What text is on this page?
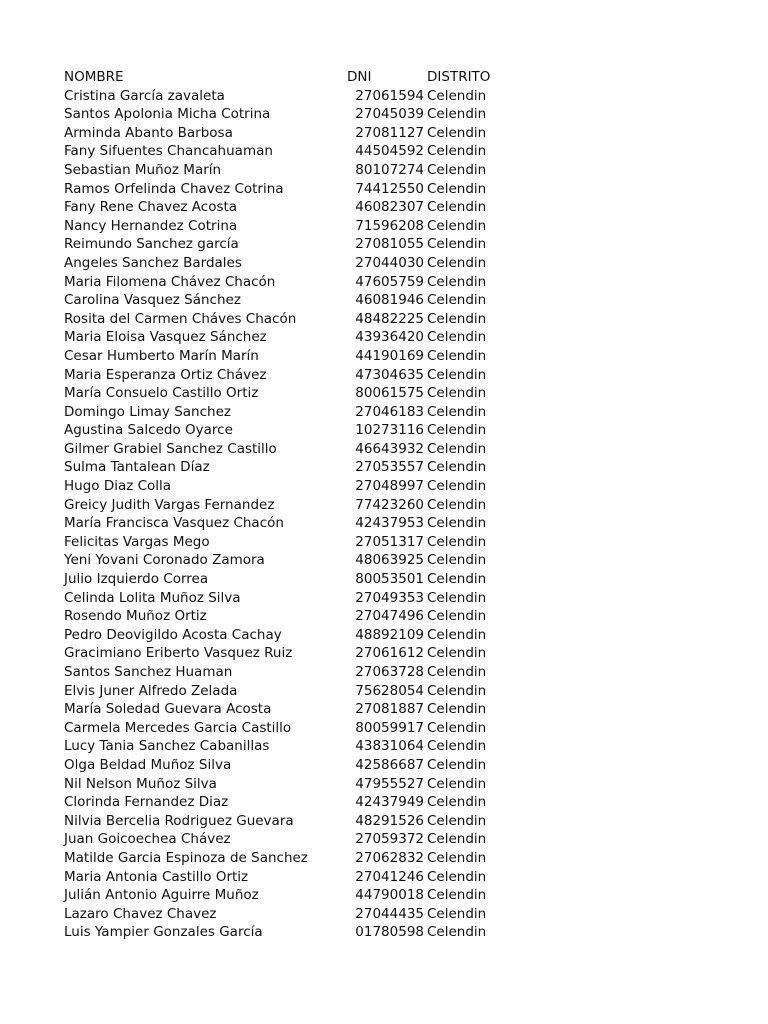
NOMBRE	DNI	DISTRITO
Cristina García zavaleta	27061594 Celendin
Santos Apolonia Micha Cotrina	27045039 Celendin
Arminda Abanto Barbosa	27081127 Celendin
Fany Sifuentes Chancahuaman	44504592 Celendin
Sebastian Muñoz Marín	80107274 Celendin
Ramos Orfelinda Chavez Cotrina	74412550 Celendin
Fany Rene Chavez Acosta	46082307 Celendin
Nancy Hernandez Cotrina	71596208 Celendin
Reimundo Sanchez garcía	27081055 Celendin
Angeles Sanchez Bardales	27044030 Celendin
Maria Filomena Chávez Chacón	47605759 Celendin
Carolina Vasquez Sánchez	46081946 Celendin
Rosita del Carmen Cháves Chacón	48482225 Celendin
Maria Eloisa Vasquez Sánchez	43936420 Celendin
Cesar Humberto Marín Marín	44190169 Celendin
Maria Esperanza Ortiz Chávez	47304635 Celendin
María Consuelo Castillo Ortiz	80061575 Celendin
Domingo Limay Sanchez	27046183 Celendin
Agustina Salcedo Oyarce	10273116 Celendin
Gilmer Grabiel Sanchez Castillo	46643932 Celendin
Sulma Tantalean Díaz	27053557 Celendin
Hugo Diaz Colla	27048997 Celendin
Greicy Judith Vargas Fernandez	77423260 Celendin
María Francisca Vasquez Chacón	42437953 Celendin
Felicitas Vargas Mego	27051317 Celendin
Yeni Yovani Coronado Zamora	48063925 Celendin
Julio Izquierdo Correa	80053501 Celendin
Celinda Lolita Muñoz Silva	27049353 Celendin
Rosendo Muñoz Ortiz	27047496 Celendin
Pedro Deovigildo Acosta Cachay	48892109 Celendin
Gracimiano Eriberto Vasquez Ruiz	27061612 Celendin
Santos Sanchez Huaman	27063728 Celendin
Elvis Juner Alfredo Zelada	75628054 Celendin
María Soledad Guevara Acosta	27081887 Celendin
Carmela Mercedes Garcia Castillo	80059917 Celendin
Lucy Tania Sanchez Cabanillas	43831064 Celendin
Olga Beldad Muñoz Silva	42586687 Celendin
Nil Nelson Muñoz Silva	47955527 Celendin
Clorinda Fernandez Diaz	42437949 Celendin
Nilvia Bercelia Rodriguez Guevara	48291526 Celendin
Juan Goicoechea Chávez	27059372 Celendin
Matilde Garcia Espinoza de Sanchez	27062832 Celendin
Maria Antonia Castillo Ortiz	27041246 Celendin
Julián Antonio Aguirre Muñoz	44790018 Celendin
Lazaro Chavez Chavez	27044435 Celendin
Luis Yampier Gonzales García	01780598 Celendin
